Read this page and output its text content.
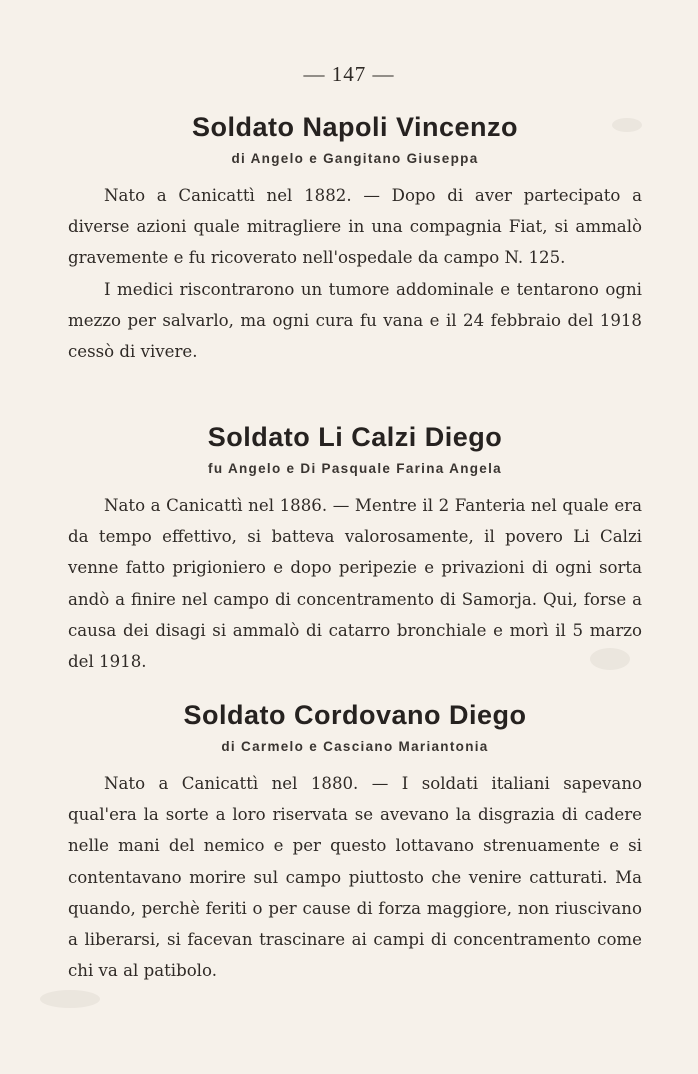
— 147 —
Soldato Napoli Vincenzo
di Angelo e Gangitano Giuseppa

Nato a Canicattì nel 1882. — Dopo di aver partecipato a diverse azioni quale mitragliere in una compagnia Fiat, si ammalò gravemente e fu ricoverato nell'ospedale da campo N. 125.

I medici riscontrarono un tumore addominale e tentarono ogni mezzo per salvarlo, ma ogni cura fu vana e il 24 febbraio del 1918 cessò di vivere.

Soldato Li Calzi Diego
fu Angelo e Di Pasquale Farina Angela

Nato a Canicattì nel 1886. — Mentre il 2 Fanteria nel quale era da tempo effettivo, si batteva valorosamente, il povero Li Calzi venne fatto prigioniero e dopo peripezie e privazioni di ogni sorta andò a finire nel campo di concentramento di Samorja. Qui, forse a causa dei disagi si ammalò di catarro bronchiale e morì il 5 marzo del 1918.

Soldato Cordovano Diego
di Carmelo e Casciano Mariantonia

Nato a Canicattì nel 1880. — I soldati italiani sapevano qual'era la sorte a loro riservata se avevano la disgrazia di cadere nelle mani del nemico e per questo lottavano strenuamente e si contentavano morire sul campo piuttosto che venire catturati. Ma quando, perchè feriti o per cause di forza maggiore, non riuscivano a liberarsi, si facevan trascinare ai campi di concentramento come chi va al patibolo.
